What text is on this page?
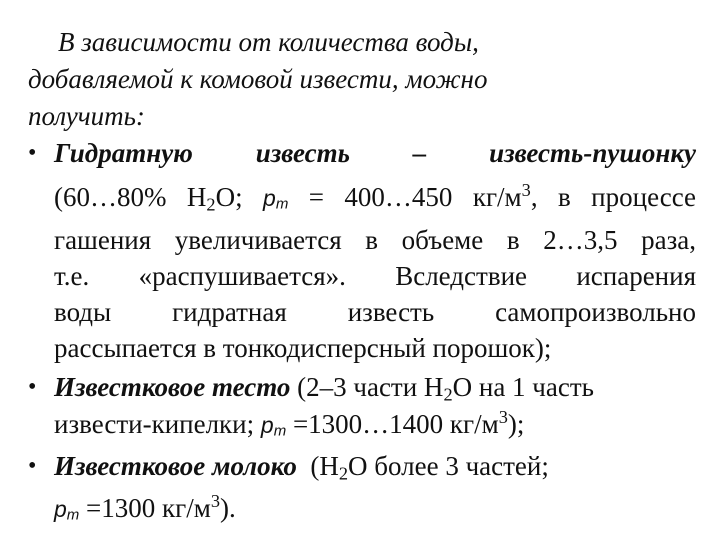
В зависимости от количества воды,
добавляемой к комовой извести, можно
получить:
• Гидратную известь – известь-пушонку
(60…80% $Н_2О$; $р_т$ = 400…450 $кг/м^3$, в процессе
гашения увеличивается в объеме в 2…3,5 раза,
т.е. «распушивается». Вследствие испарения
воды гидратная известь самопроизвольно
рассыпается в тонкодисперсный порошок);
• Известковое тесто (2–3 части $Н_2О$ на 1 часть
извести-кипелки; $р_т$ =1300…1400 $кг/м^3$);
• Известковое молоко  ($Н_2О$ более 3 частей;
$р_т =1300$ $кг/м^3$).
